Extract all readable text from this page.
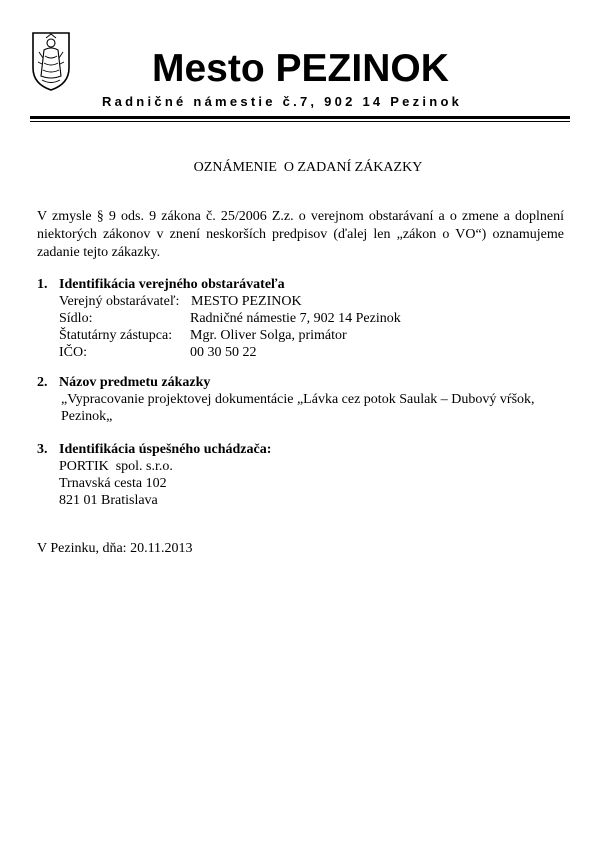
Mesto PEZINOK
Radničné námestie č.7, 902 14 Pezinok
OZNÁMENIE  O ZADANÍ ZÁKAZKY
V zmysle § 9 ods. 9 zákona č. 25/2006 Z.z. o verejnom obstarávaní a o zmene a doplnení niektorých zákonov v znení neskorších predpisov (ďalej len „zákon o VO“) oznamujeme zadanie tejto zákazky.
1. Identifikácia verejného obstarávateľa
Verejný obstarávateľ: MESTO PEZINOK
Sídlo:	Radničné námestie 7, 902 14 Pezinok
Štatutárny zástupca:	Mgr. Oliver Solga, primátor
IČO:	00 30 50 22
2. Názov predmetu zákazky
„Vypracovanie projektovej dokumentácie „Lávka cez potok Saulak – Dubový vŕšok, Pezinok„
3. Identifikácia úspešného uchádzača:
PORTIK  spol. s.r.o.
Trnavská cesta 102
821 01 Bratislava
V Pezinku, dňa: 20.11.2013
